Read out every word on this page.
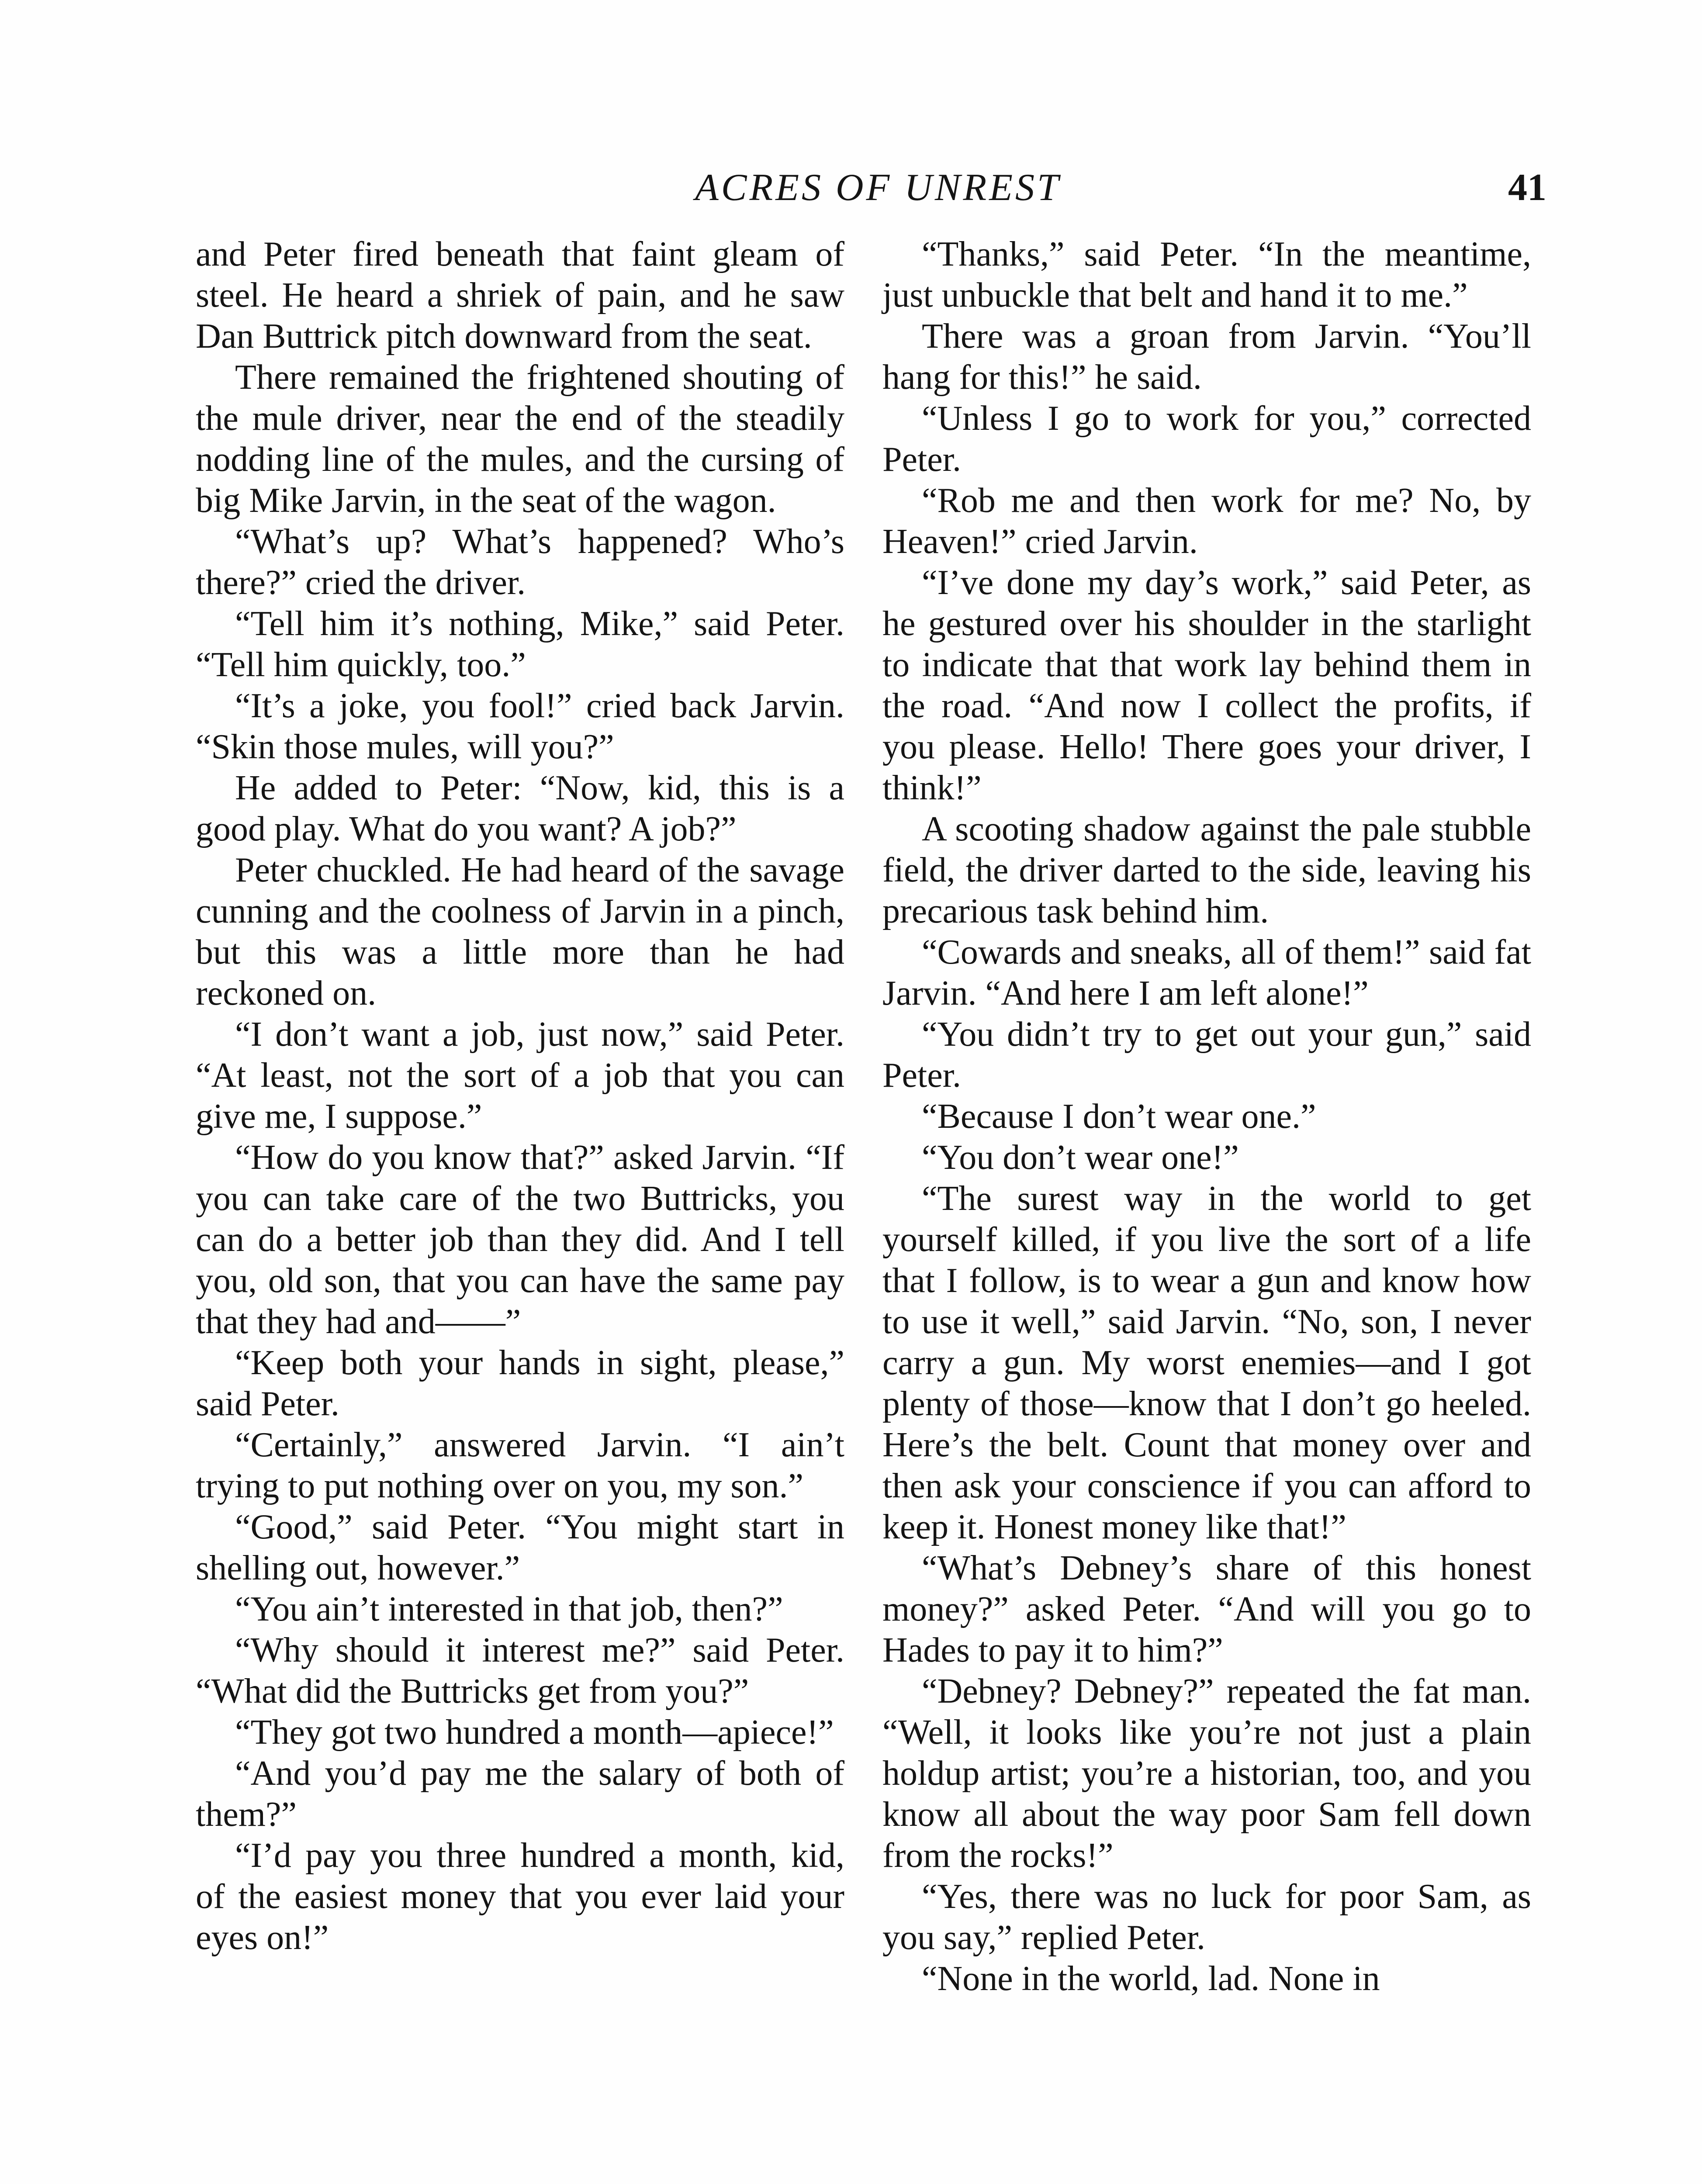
ACRES OF UNREST	41

and Peter fired beneath that faint gleam of steel. He heard a shriek of pain, and he saw Dan Buttrick pitch downward from the seat.

There remained the frightened shouting of the mule driver, near the end of the steadily nodding line of the mules, and the cursing of big Mike Jarvin, in the seat of the wagon.

“What’s up? What’s happened? Who’s there?” cried the driver.

“Tell him it’s nothing, Mike,” said Peter. “Tell him quickly, too.”

“It’s a joke, you fool!” cried back Jarvin. “Skin those mules, will you?”

He added to Peter: “Now, kid, this is a good play. What do you want? A job?”

Peter chuckled. He had heard of the savage cunning and the coolness of Jarvin in a pinch, but this was a little more than he had reckoned on.

“I don’t want a job, just now,” said Peter. “At least, not the sort of a job that you can give me, I suppose.”

“How do you know that?” asked Jarvin. “If you can take care of the two Buttricks, you can do a better job than they did. And I tell you, old son, that you can have the same pay that they had and——”

“Keep both your hands in sight, please,” said Peter.

“Certainly,” answered Jarvin. “I ain’t trying to put nothing over on you, my son.”

“Good,” said Peter. “You might start in shelling out, however.”

“You ain’t interested in that job, then?”

“Why should it interest me?” said Peter. “What did the Buttricks get from you?”

“They got two hundred a month—apiece!”

“And you’d pay me the salary of both of them?”

“I’d pay you three hundred a month, kid, of the easiest money that you ever laid your eyes on!”

“Thanks,” said Peter. “In the meantime, just unbuckle that belt and hand it to me.”

There was a groan from Jarvin. “You’ll hang for this!” he said.

“Unless I go to work for you,” corrected Peter.

“Rob me and then work for me? No, by Heaven!” cried Jarvin.

“I’ve done my day’s work,” said Peter, as he gestured over his shoulder in the starlight to indicate that that work lay behind them in the road. “And now I collect the profits, if you please. Hello! There goes your driver, I think!”

A scooting shadow against the pale stubble field, the driver darted to the side, leaving his precarious task behind him.

“Cowards and sneaks, all of them!” said fat Jarvin. “And here I am left alone!”

“You didn’t try to get out your gun,” said Peter.

“Because I don’t wear one.”

“You don’t wear one!”

“The surest way in the world to get yourself killed, if you live the sort of a life that I follow, is to wear a gun and know how to use it well,” said Jarvin. “No, son, I never carry a gun. My worst enemies—and I got plenty of those—know that I don’t go heeled. Here’s the belt. Count that money over and then ask your conscience if you can afford to keep it. Honest money like that!”

“What’s Debney’s share of this honest money?” asked Peter. “And will you go to Hades to pay it to him?”

“Debney? Debney?” repeated the fat man. “Well, it looks like you’re not just a plain holdup artist; you’re a historian, too, and you know all about the way poor Sam fell down from the rocks!”

“Yes, there was no luck for poor Sam, as you say,” replied Peter.

“None in the world, lad. None in
